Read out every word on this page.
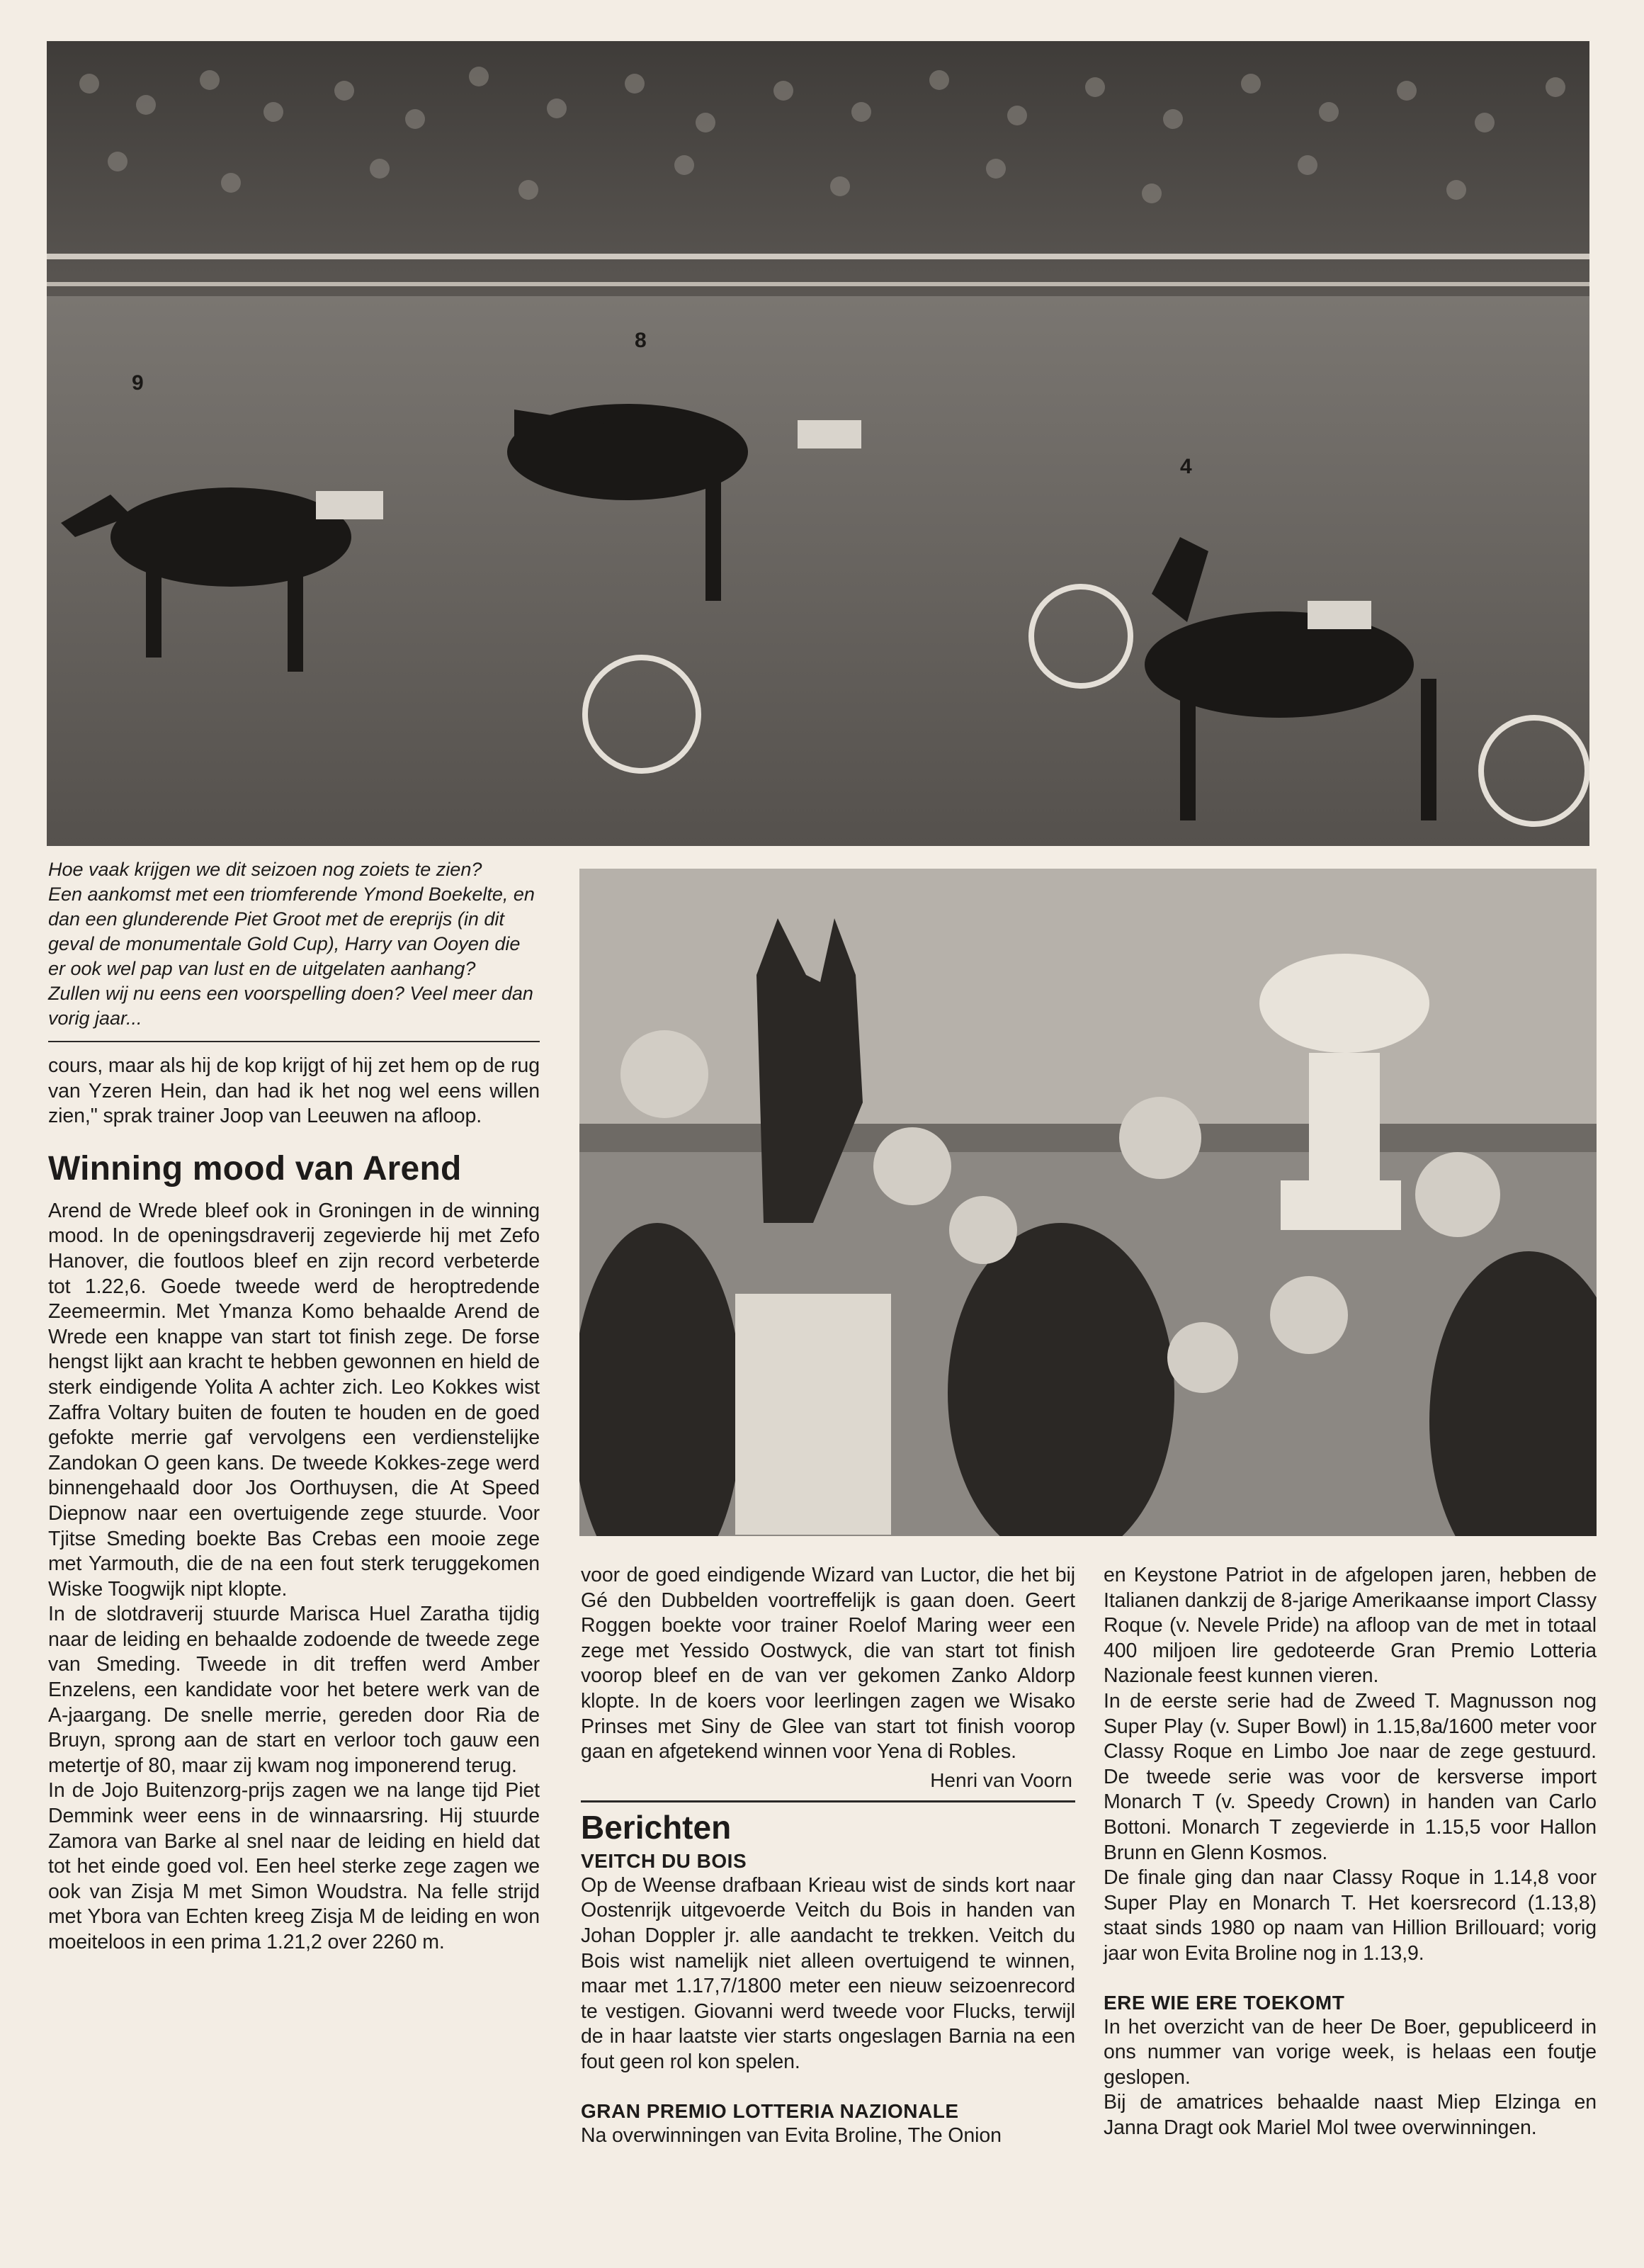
9
8
4

Hoe vaak krijgen we dit seizoen nog zoiets te zien?
Een aankomst met een triomferende Ymond Boekelte, en dan een glunderende Piet Groot met de ereprijs (in dit geval de monumentale Gold Cup), Harry van Ooyen die er ook wel pap van lust en de uitgelaten aanhang?
Zullen wij nu eens een voorspelling doen? Veel meer dan vorig jaar...

cours, maar als hij de kop krijgt of hij zet hem op de rug van Yzeren Hein, dan had ik het nog wel eens willen zien," sprak trainer Joop van Leeuwen na afloop.

Winning mood van Arend

Arend de Wrede bleef ook in Groningen in de winning mood. In de openingsdraverij zegevierde hij met Zefo Hanover, die foutloos bleef en zijn record verbeterde tot 1.22,6. Goede tweede werd de heroptredende Zeemeermin. Met Ymanza Komo behaalde Arend de Wrede een knappe van start tot finish zege. De forse hengst lijkt aan kracht te hebben gewonnen en hield de sterk eindigende Yolita A achter zich. Leo Kokkes wist Zaffra Voltary buiten de fouten te houden en de goed gefokte merrie gaf vervolgens een verdienstelijke Zandokan O geen kans. De tweede Kokkes-zege werd binnengehaald door Jos Oorthuysen, die At Speed Diepnow naar een overtuigende zege stuurde. Voor Tjitse Smeding boekte Bas Crebas een mooie zege met Yarmouth, die de na een fout sterk teruggekomen Wiske Toogwijk nipt klopte.

In de slotdraverij stuurde Marisca Huel Zaratha tijdig naar de leiding en behaalde zodoende de tweede zege van Smeding. Tweede in dit treffen werd Amber Enzelens, een kandidate voor het betere werk van de A-jaargang. De snelle merrie, gereden door Ria de Bruyn, sprong aan de start en verloor toch gauw een metertje of 80, maar zij kwam nog imponerend terug.

In de Jojo Buitenzorg-prijs zagen we na lange tijd Piet Demmink weer eens in de winnaarsring. Hij stuurde Zamora van Barke al snel naar de leiding en hield dat tot het einde goed vol. Een heel sterke zege zagen we ook van Zisja M met Simon Woudstra. Na felle strijd met Ybora van Echten kreeg Zisja M de leiding en won moeiteloos in een prima 1.21,2 over 2260 m.

voor de goed eindigende Wizard van Luctor, die het bij Gé den Dubbelden voortreffelijk is gaan doen. Geert Roggen boekte voor trainer Roelof Maring weer een zege met Yessido Oostwyck, die van start tot finish voorop bleef en de van ver gekomen Zanko Aldorp klopte. In de koers voor leerlingen zagen we Wisako Prinses met Siny de Glee van start tot finish voorop gaan en afgetekend winnen voor Yena di Robles.

Henri van Voorn

Berichten
VEITCH DU BOIS

Op de Weense drafbaan Krieau wist de sinds kort naar Oostenrijk uitgevoerde Veitch du Bois in handen van Johan Doppler jr. alle aandacht te trekken. Veitch du Bois wist namelijk niet alleen overtuigend te winnen, maar met 1.17,7/1800 meter een nieuw seizoenrecord te vestigen. Giovanni werd tweede voor Flucks, terwijl de in haar laatste vier starts ongeslagen Barnia na een fout geen rol kon spelen.

GRAN PREMIO LOTTERIA NAZIONALE

Na overwinningen van Evita Broline, The Onion

en Keystone Patriot in de afgelopen jaren, hebben de Italianen dankzij de 8-jarige Amerikaanse import Classy Roque (v. Nevele Pride) na afloop van de met in totaal 400 miljoen lire gedoteerde Gran Premio Lotteria Nazionale feest kunnen vieren.

In de eerste serie had de Zweed T. Magnusson nog Super Play (v. Super Bowl) in 1.15,8a/1600 meter voor Classy Roque en Limbo Joe naar de zege gestuurd. De tweede serie was voor de kersverse import Monarch T (v. Speedy Crown) in handen van Carlo Bottoni. Monarch T zegevierde in 1.15,5 voor Hallon Brunn en Glenn Kosmos.

De finale ging dan naar Classy Roque in 1.14,8 voor Super Play en Monarch T. Het koersrecord (1.13,8) staat sinds 1980 op naam van Hillion Brillouard; vorig jaar won Evita Broline nog in 1.13,9.

ERE WIE ERE TOEKOMT

In het overzicht van de heer De Boer, gepubliceerd in ons nummer van vorige week, is helaas een foutje geslopen.

Bij de amatrices behaalde naast Miep Elzinga en Janna Dragt ook Mariel Mol twee overwinningen.
